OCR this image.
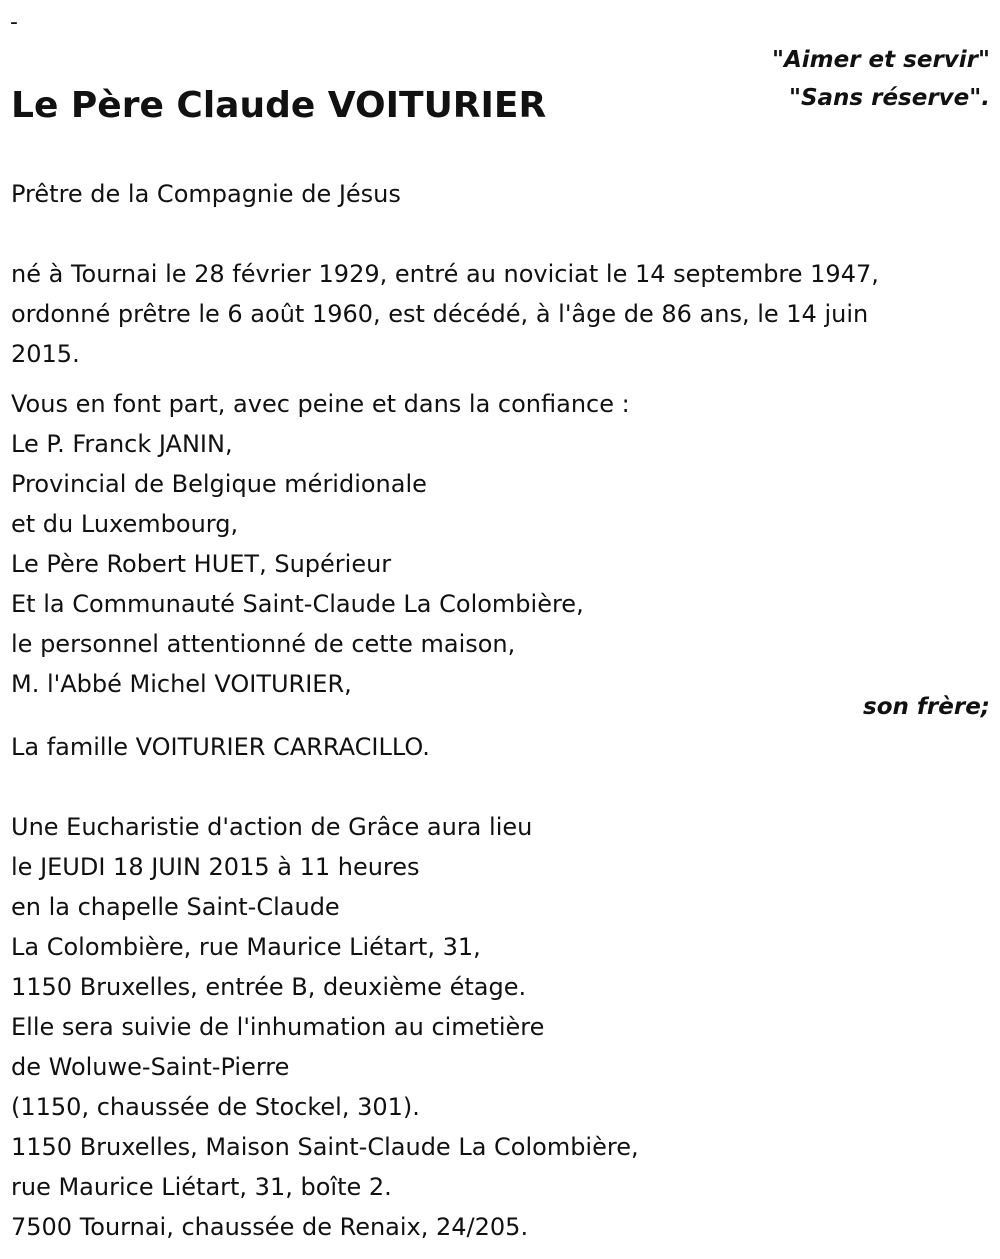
-
"Aimer et servir"
"Sans réserve".
Le Père Claude VOITURIER
Prêtre de la Compagnie de Jésus
né à Tournai le 28 février 1929, entré au noviciat le 14 septembre 1947,
ordonné prêtre le 6 août 1960, est décédé, à l'âge de 86 ans, le 14 juin
2015.
Vous en font part, avec peine et dans la confiance :
Le P. Franck JANIN,
Provincial de Belgique méridionale
et du Luxembourg,
Le Père Robert HUET, Supérieur
Et la Communauté Saint-Claude La Colombière,
le personnel attentionné de cette maison,
M. l'Abbé Michel VOITURIER,
son frère;
La famille VOITURIER CARRACILLO.
Une Eucharistie d'action de Grâce aura lieu
le JEUDI 18 JUIN 2015 à 11 heures
en la chapelle Saint-Claude
La Colombière, rue Maurice Liétart, 31,
1150 Bruxelles, entrée B, deuxième étage.
Elle sera suivie de l'inhumation au cimetière
de Woluwe-Saint-Pierre
(1150, chaussée de Stockel, 301).
1150 Bruxelles, Maison Saint-Claude La Colombière,
rue Maurice Liétart, 31, boîte 2.
7500 Tournai, chaussée de Renaix, 24/205.
